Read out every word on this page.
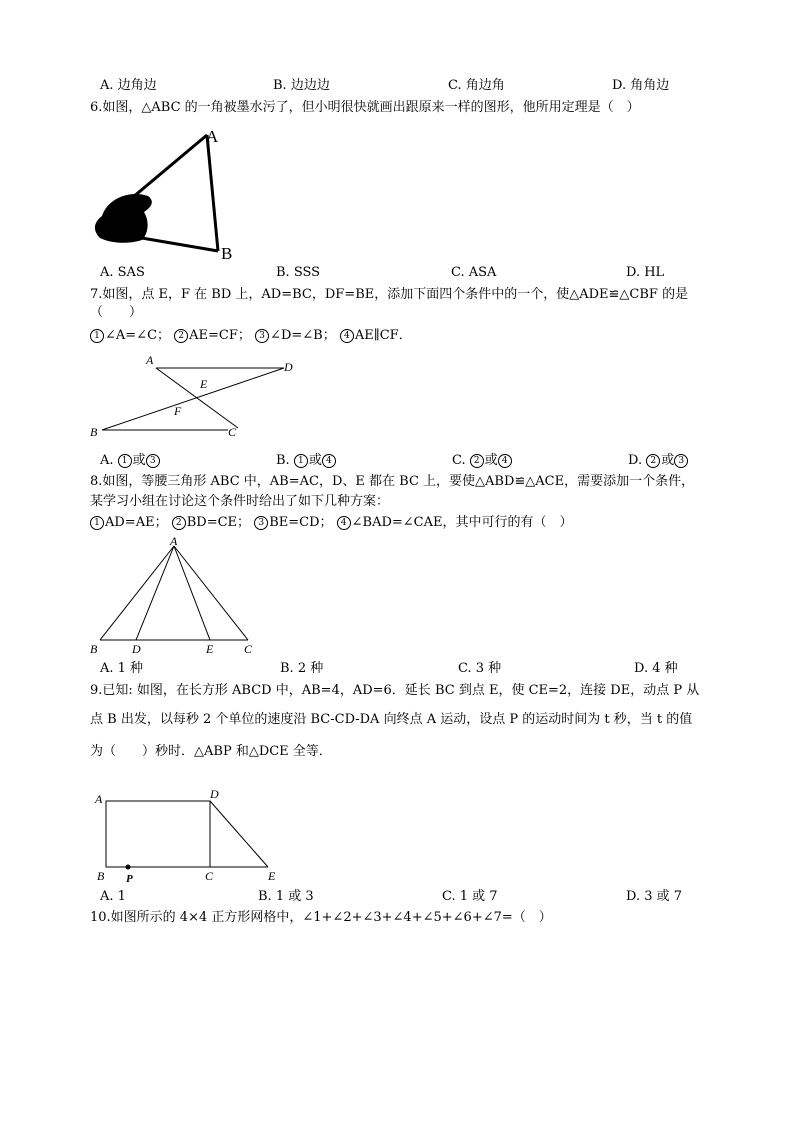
A. 边角边	B. 边边边	C. 角边角	D. 角角边
6.如图，△ABC 的一角被墨水污了，但小明很快就画出跟原来一样的图形，他所用定理是（　）
A
B
A. SAS	B. SSS	C. ASA	D. HL
7.如图，点 E，F 在 BD 上，AD=BC，DF=BE，添加下面四个条件中的一个，使△ADE≌△CBF 的是
（　　）
1 ∠A=∠C； 2 AE=CF； 3 ∠D=∠B； 4 AE∥CF．
A	D
E
F
B	C
A. 1 或 3	B. 1 或 4	C. 2 或 4	D. 2 或 3
8.如图，等腰三角形 ABC 中，AB=AC，D、E 都在 BC 上，要使△ABD≌△ACE，需要添加一个条件，
某学习小组在讨论这个条件时给出了如下几种方案：
1 AD=AE； 2 BD=CE； 3 BE=CD； 4 ∠BAD=∠CAE，其中可行的有（　）
A
B	D	E	C
A. 1 种	B. 2 种	C. 3 种	D. 4 种
9.已知: 如图，在长方形 ABCD 中，AB=4，AD=6．延长 BC 到点 E，使 CE=2，连接 DE，动点 P 从
点 B 出发，以每秒 2 个单位的速度沿 BC-CD-DA 向终点 A 运动，设点 P 的运动时间为 t 秒，当 t 的值
为（　　）秒时．△ABP 和△DCE 全等．
A	D
B P	C	E
A. 1	B. 1 或 3	C. 1 或 7	D. 3 或 7
10.如图所示的 4×4 正方形网格中，∠1+∠2+∠3+∠4+∠5+∠6+∠7=（　）
